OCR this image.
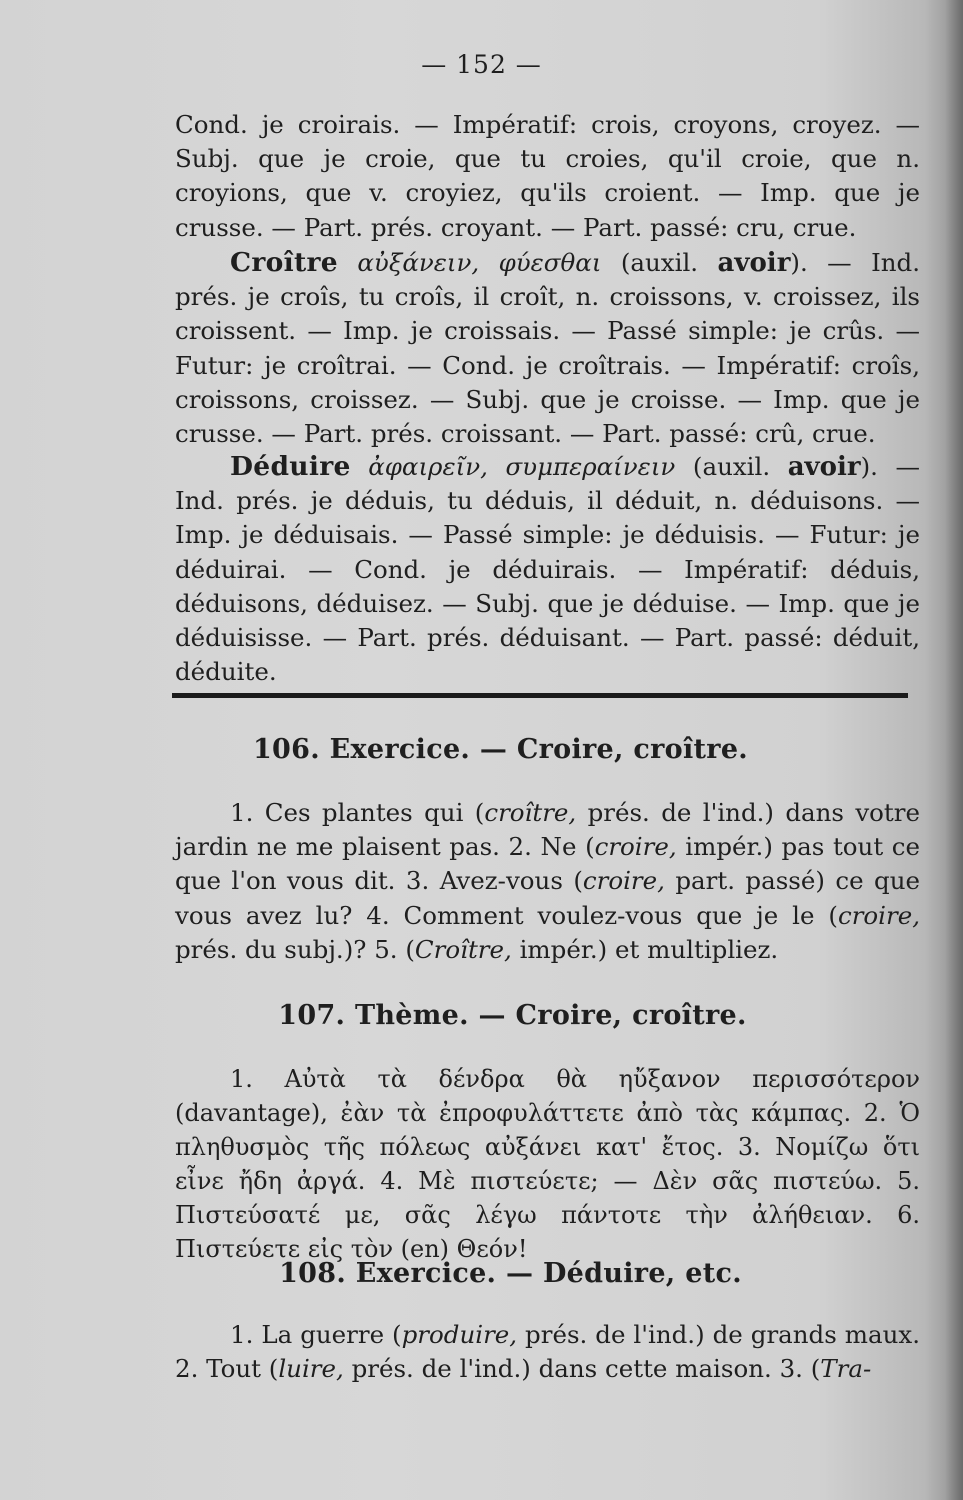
— 152 —

Cond. je croirais. — Impératif: crois, croyons, croyez. — Subj. que je croie, que tu croies, qu'il croie, que n. croyions, que v. croyiez, qu'ils croient. — Imp. que je crusse. — Part. prés. croyant. — Part. passé: cru, crue.

Croître αὐξάνειν, φύεσθαι (auxil. avoir). — Ind. prés. je croîs, tu croîs, il croît, n. croissons, v. croissez, ils croissent. — Imp. je croissais. — Passé simple: je crûs. — Futur: je croîtrai. — Cond. je croîtrais. — Impératif: croîs, croissons, croissez. — Subj. que je croisse. — Imp. que je crusse. — Part. prés. croissant. — Part. passé: crû, crue.

Déduire ἀφαιρεῖν, συμπεραίνειν (auxil. avoir). — Ind. prés. je déduis, tu déduis, il déduit, n. déduisons. — Imp. je déduisais. — Passé simple: je déduisis. — Futur: je déduirai. — Cond. je déduirais. — Impératif: déduis, déduisons, déduisez. — Subj. que je déduise. — Imp. que je déduisisse. — Part. prés. déduisant. — Part. passé: déduit, déduite.

106. Exercice. — Croire, croître.

1. Ces plantes qui (croître, prés. de l'ind.) dans votre jardin ne me plaisent pas. 2. Ne (croire, impér.) pas tout ce que l'on vous dit. 3. Avez-vous (croire, part. passé) ce que vous avez lu? 4. Comment voulez-vous que je le (croire, prés. du subj.)? 5. (Croître, impér.) et multipliez.

107. Thème. — Croire, croître.

1. Αὐτὰ τὰ δένδρα θὰ ηὔξανον περισσότερον (davantage), ἐὰν τὰ ἐπροφυλάττετε ἀπὸ τὰς κάμπας. 2. Ὁ πληθυσμὸς τῆς πόλεως αὐξάνει κατ' ἔτος. 3. Νομίζω ὅτι εἶνε ἤδη ἀργά. 4. Μὲ πιστεύετε; — Δὲν σᾶς πιστεύω. 5. Πιστεύσατέ με, σᾶς λέγω πάντοτε τὴν ἀλήθειαν. 6. Πιστεύετε εἰς τὸν (en) Θεόν!

108. Exercice. — Déduire, etc.

1. La guerre (produire, prés. de l'ind.) de grands maux. 2. Tout (luire, prés. de l'ind.) dans cette maison. 3. (Tra-
